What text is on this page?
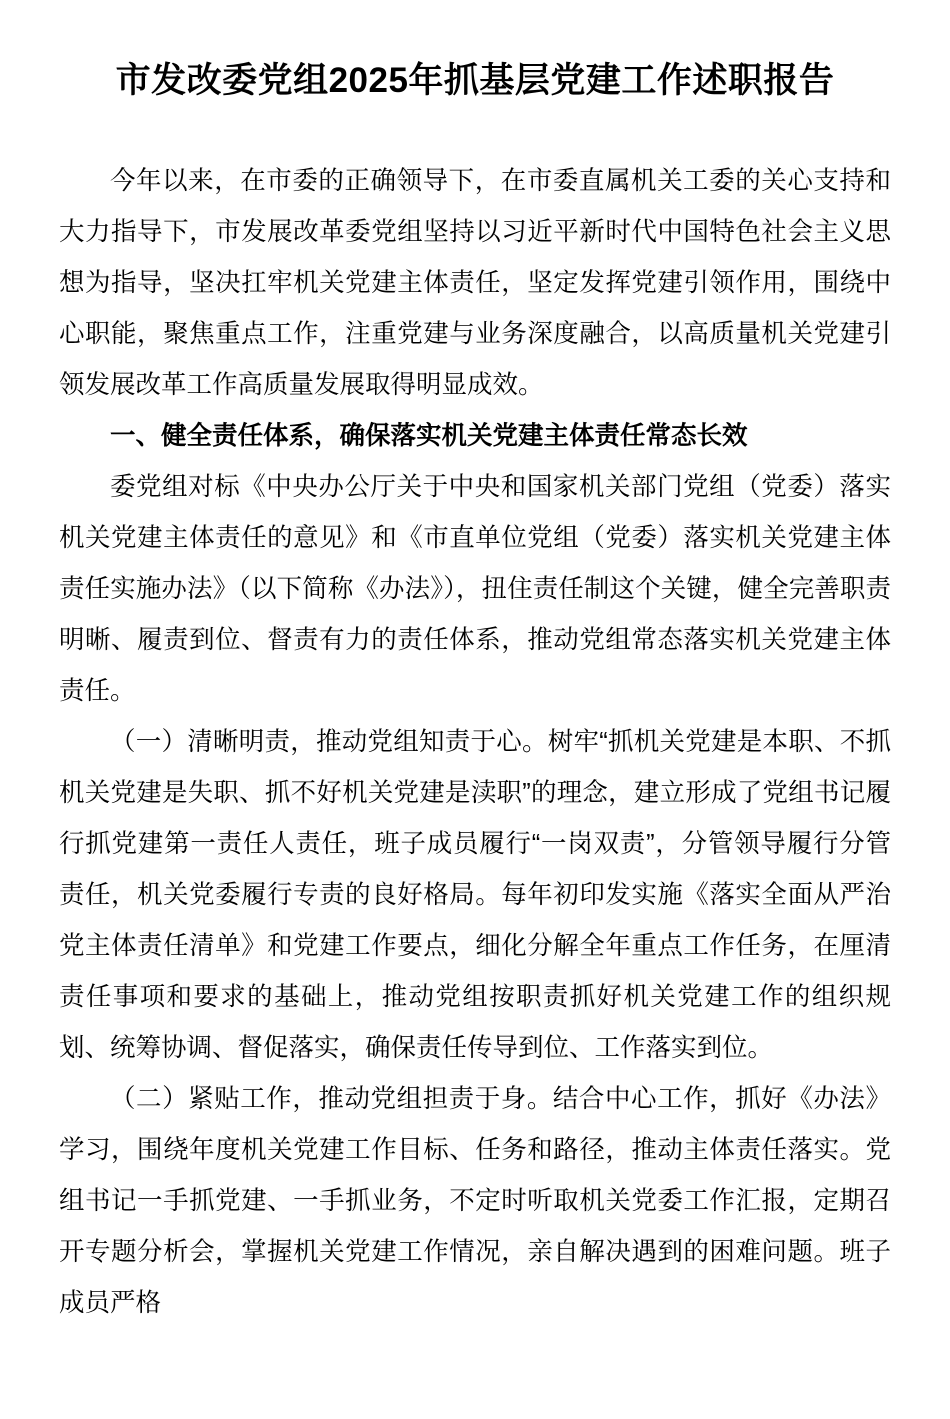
市发改委党组2025年抓基层党建工作述职报告

今年以来，在市委的正确领导下，在市委直属机关工委的关心支持和大力指导下，市发展改革委党组坚持以习近平新时代中国特色社会主义思想为指导，坚决扛牢机关党建主体责任，坚定发挥党建引领作用，围绕中心职能，聚焦重点工作，注重党建与业务深度融合，以高质量机关党建引领发展改革工作高质量发展取得明显成效。

一、健全责任体系，确保落实机关党建主体责任常态长效

委党组对标《中央办公厅关于中央和国家机关部门党组（党委）落实机关党建主体责任的意见》和《市直单位党组（党委）落实机关党建主体责任实施办法》（以下简称《办法》），扭住责任制这个关键，健全完善职责明晰、履责到位、督责有力的责任体系，推动党组常态落实机关党建主体责任。

（一）清晰明责，推动党组知责于心。树牢“抓机关党建是本职、不抓机关党建是失职、抓不好机关党建是渎职”的理念，建立形成了党组书记履行抓党建第一责任人责任，班子成员履行“一岗双责”，分管领导履行分管责任，机关党委履行专责的良好格局。每年初印发实施《落实全面从严治党主体责任清单》和党建工作要点，细化分解全年重点工作任务，在厘清责任事项和要求的基础上，推动党组按职责抓好机关党建工作的组织规划、统筹协调、督促落实，确保责任传导到位、工作落实到位。

（二）紧贴工作，推动党组担责于身。结合中心工作，抓好《办法》学习，围绕年度机关党建工作目标、任务和路径，推动主体责任落实。党组书记一手抓党建、一手抓业务，不定时听取机关党委工作汇报，定期召开专题分析会，掌握机关党建工作情况，亲自解决遇到的困难问题。班子成员严格
